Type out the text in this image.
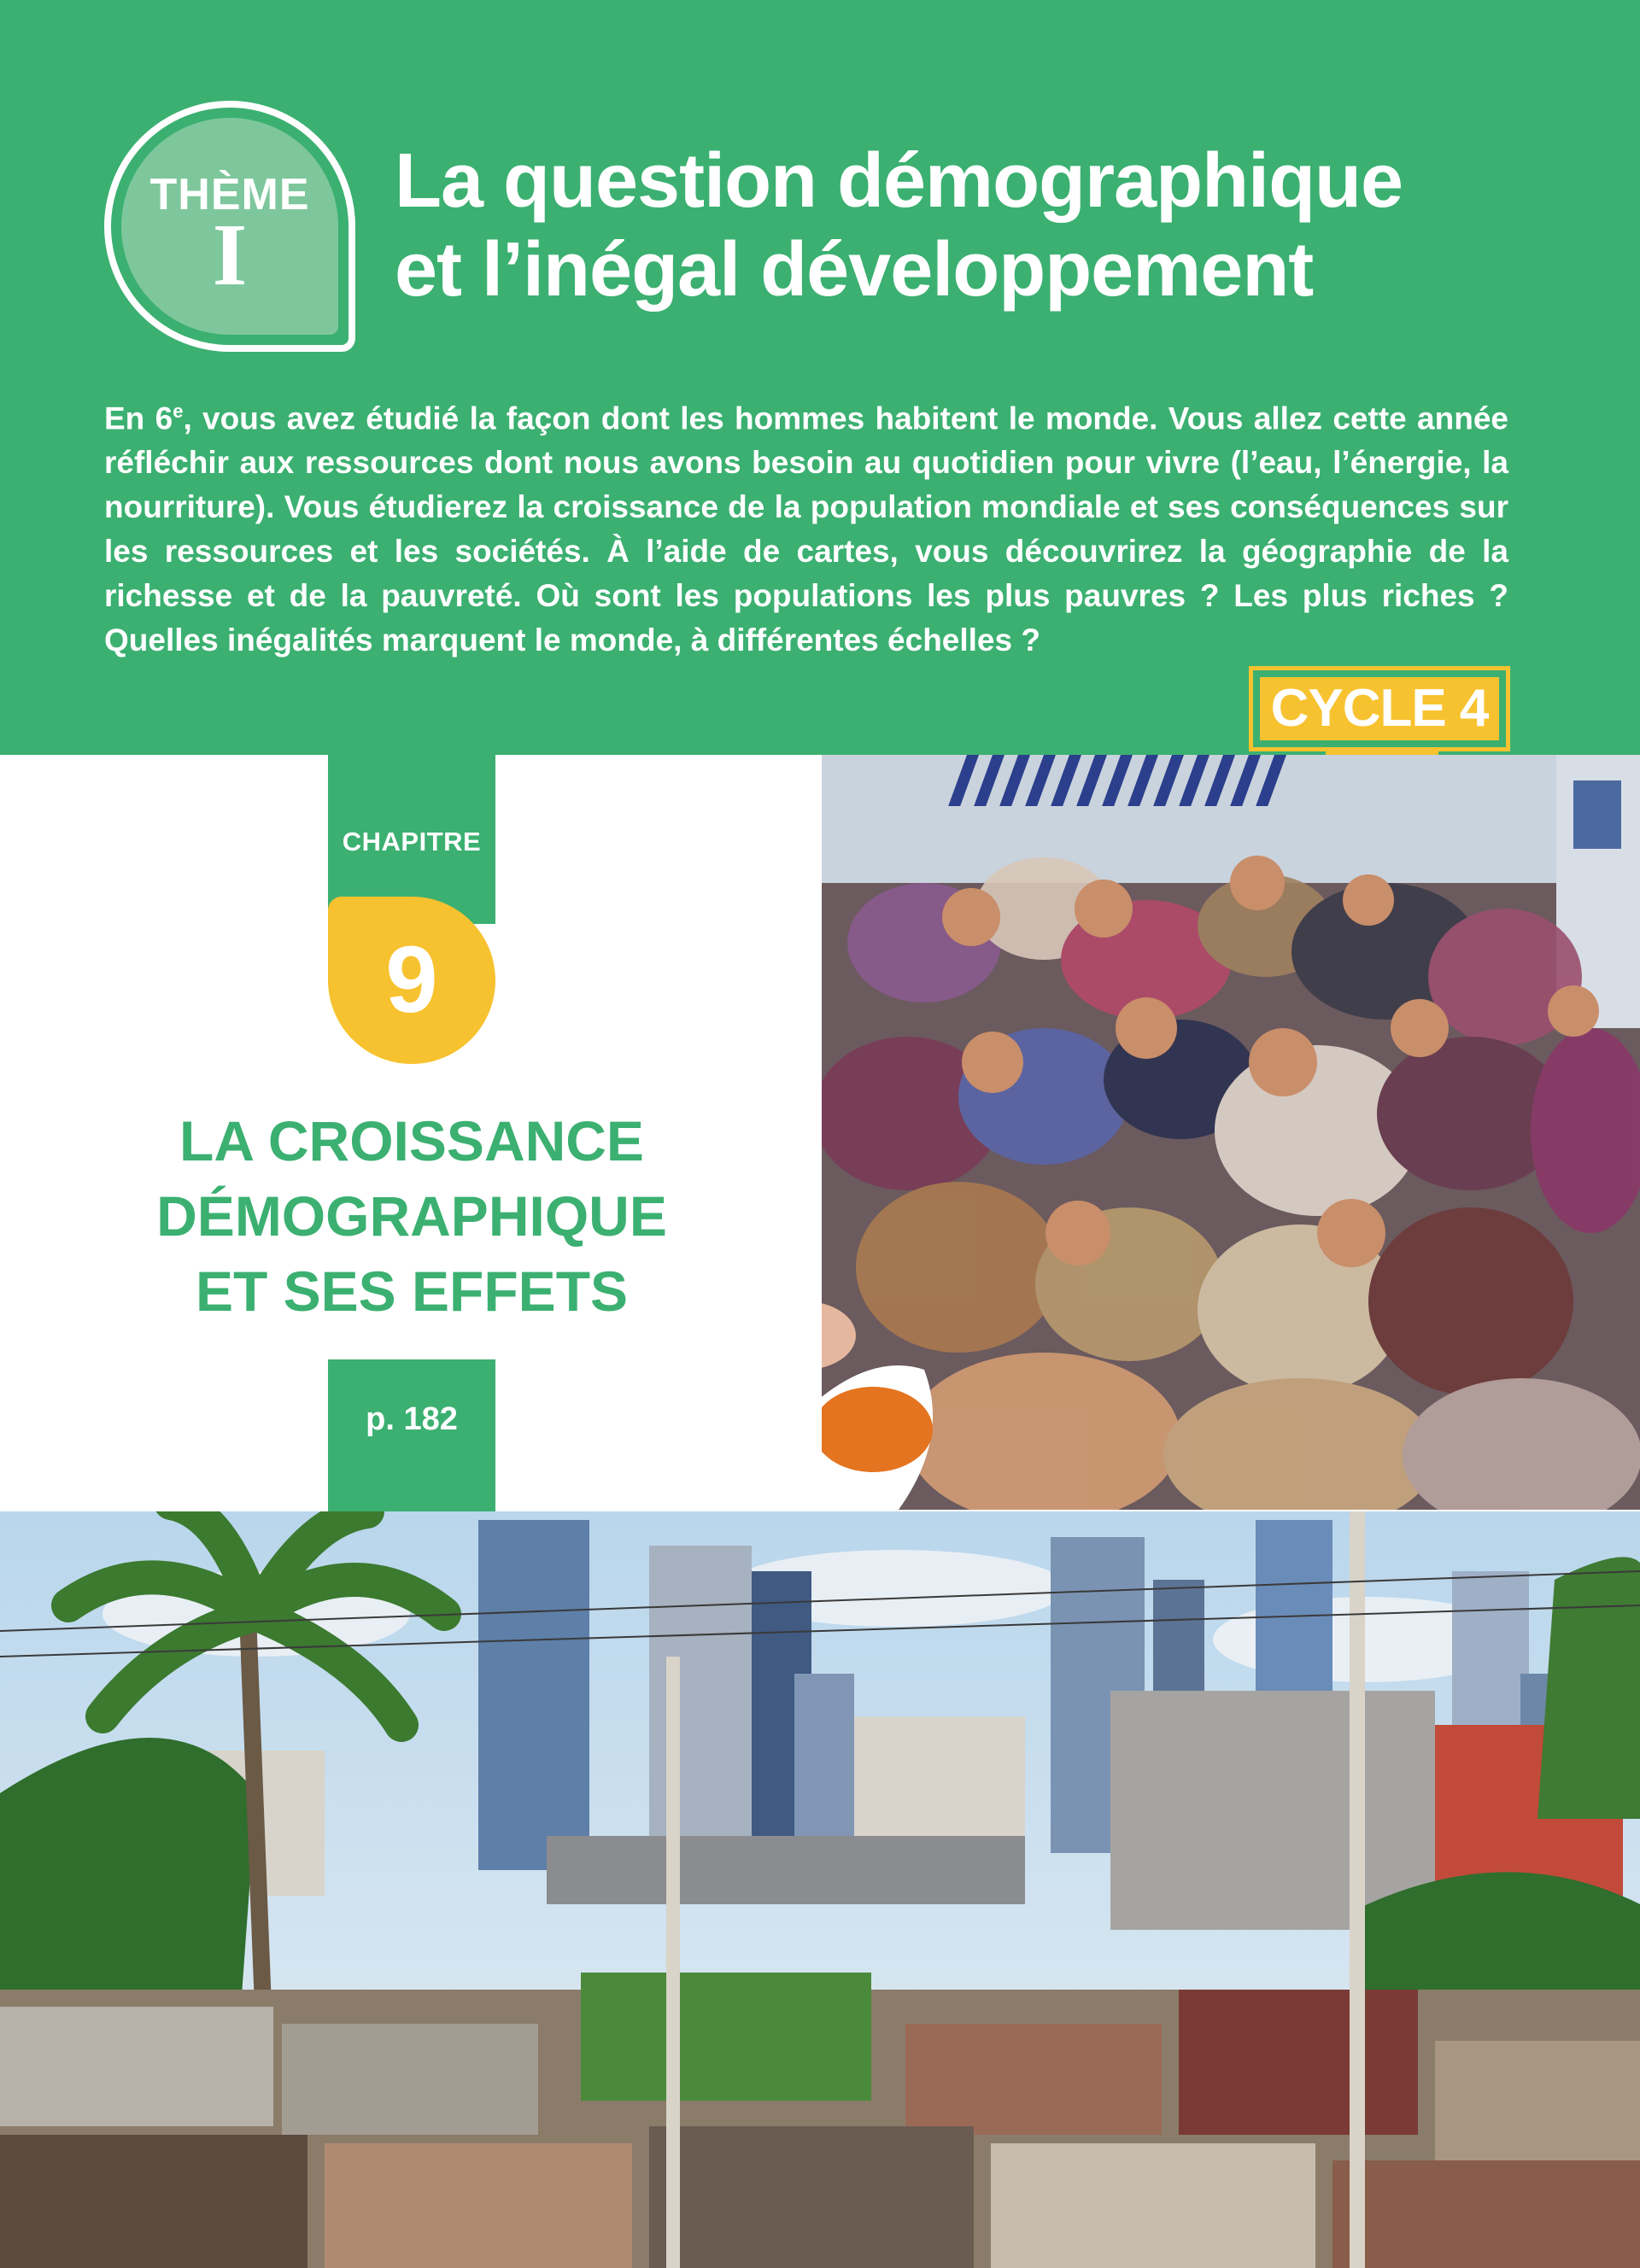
THÈME
I
La question démographique
et l’inégal développement

En 6e, vous avez étudié la façon dont les hommes habitent le monde. Vous allez cette année réfléchir aux ressources dont nous avons besoin au quotidien pour vivre (l’eau, l’énergie, la nourriture). Vous étudierez la croissance de la population mondiale et ses conséquences sur les ressources et les sociétés. À l’aide de cartes, vous découvrirez la géographie de la richesse et de la pauvreté. Où sont les populations les plus pauvres ? Les plus riches ? Quelles inégalités marquent le monde, à différentes échelles ?

CYCLE 4
CHAPITRE
9
LA CROISSANCE
DÉMOGRAPHIQUE
ET SES EFFETS
p. 182
